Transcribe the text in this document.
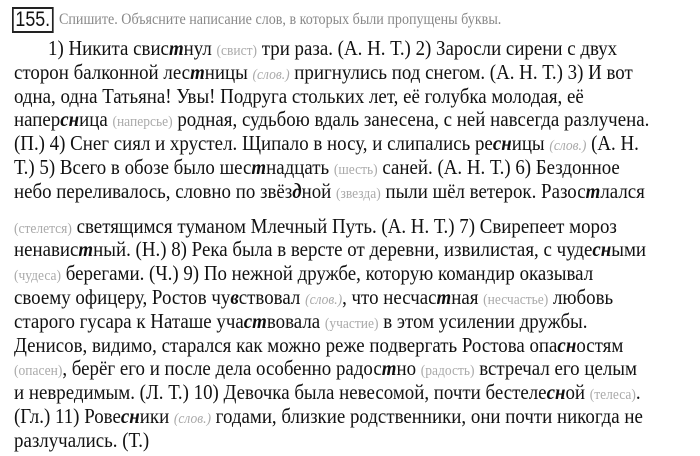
155. Спишите. Объясните написание слов, в которых были пропущены буквы.
1) Никита свистнул (свист) три раза. (А. Н. Т.) 2) Заросли сирени с двух
сторон балконной лестницы (слов.) пригнулись под снегом. (А. Н. Т.) 3) И вот
одна, одна Татьяна! Увы! Подруга стольких лет, её голубка молодая, её
наперсница (наперсье) родная, судьбою вдаль занесена, с ней навсегда разлучена.
(П.) 4) Снег сиял и хрустел. Щипало в носу, и слипались ресницы (слов.) (А. Н.
Т.) 5) Всего в обозе было шестнадцать (шесть) саней. (А. Н. Т.) 6) Бездонное
небо переливалось, словно по звёздной (звезда) пыли шёл ветерок. Разостлался
(стелется) светящимся туманом Млечный Путь. (А. Н. Т.) 7) Свирепеет мороз
ненавистный. (Н.) 8) Река была в версте от деревни, извилистая, с чудесными
(чудеса) берегами. (Ч.) 9) По нежной дружбе, которую командир оказывал
своему офицеру, Ростов чувствовал (слов.), что несчастная (несчастье) любовь
старого гусара к Наташе участвовала (участие) в этом усилении дружбы.
Денисов, видимо, старался как можно реже подвергать Ростова опасностям
(опасен), берёг его и после дела особенно радостно (радость) встречал его целым
и невредимым. (Л. Т.) 10) Девочка была невесомой, почти бестелесной (телеса).
(Гл.) 11) Ровесники (слов.) годами, близкие родственники, они почти никогда не
разлучались. (Т.)
